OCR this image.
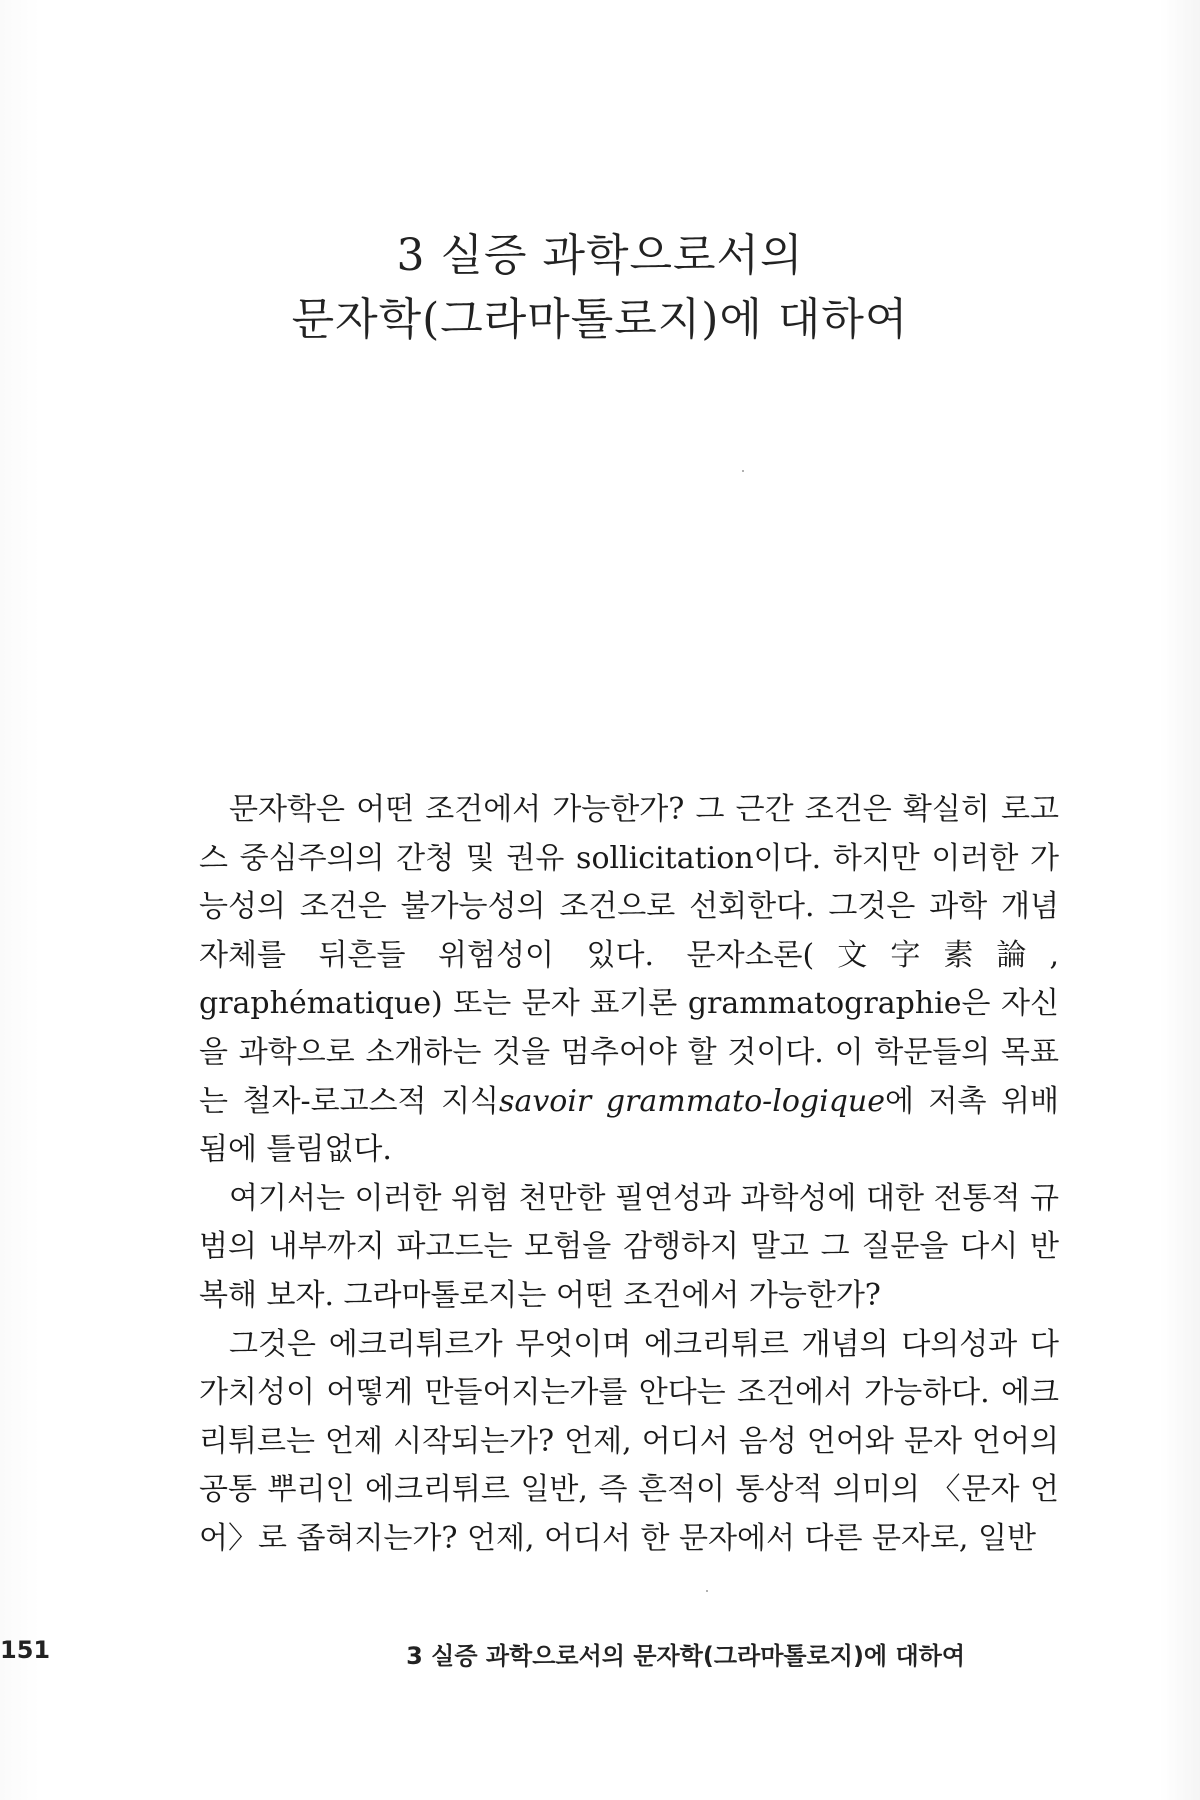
3 실증 과학으로서의
문자학(그라마톨로지)에 대하여

문자학은 어떤 조건에서 가능한가? 그 근간 조건은 확실히 로고스 중심주의의 간청 및 권유 sollicitation이다. 하지만 이러한 가능성의 조건은 불가능성의 조건으로 선회한다. 그것은 과학 개념 자체를 뒤흔들 위험성이 있다. 문자소론(文字素論, graphématique) 또는 문자 표기론 grammatographie은 자신을 과학으로 소개하는 것을 멈추어야 할 것이다. 이 학문들의 목표는 철자-로고스적 지식savoir grammato-logique에 저촉 위배됨에 틀림없다.

여기서는 이러한 위험 천만한 필연성과 과학성에 대한 전통적 규범의 내부까지 파고드는 모험을 감행하지 말고 그 질문을 다시 반복해 보자. 그라마톨로지는 어떤 조건에서 가능한가?

그것은 에크리튀르가 무엇이며 에크리튀르 개념의 다의성과 다가치성이 어떻게 만들어지는가를 안다는 조건에서 가능하다. 에크리튀르는 언제 시작되는가? 언제, 어디서 음성 언어와 문자 언어의 공통 뿌리인 에크리튀르 일반, 즉 흔적이 통상적 의미의 〈문자 언어〉로 좁혀지는가? 언제, 어디서 한 문자에서 다른 문자로, 일반

3 실증 과학으로서의 문자학(그라마톨로지)에 대하여
151
